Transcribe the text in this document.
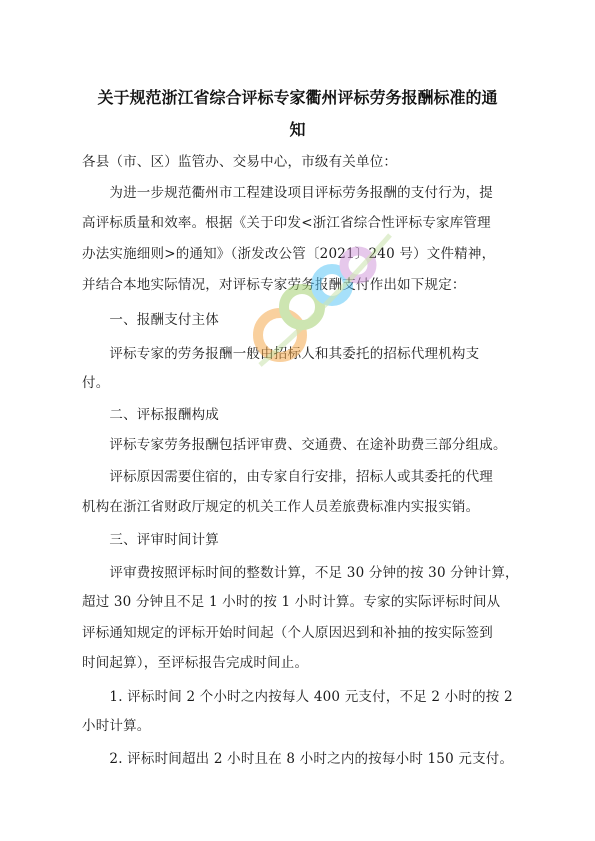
关于规范浙江省综合评标专家衢州评标劳务报酬标准的通
知
各县（市、区）监管办、交易中心，市级有关单位：
　　为进一步规范衢州市工程建设项目评标劳务报酬的支付行为，提
高评标质量和效率。根据《关于印发<浙江省综合性评标专家库管理
办法实施细则>的通知》（浙发改公管〔2021〕240 号）文件精神，
并结合本地实际情况，对评标专家劳务报酬支付作出如下规定：
　　一、报酬支付主体
　　评标专家的劳务报酬一般由招标人和其委托的招标代理机构支
付。
　　二、评标报酬构成
　　评标专家劳务报酬包括评审费、交通费、在途补助费三部分组成。
　　评标原因需要住宿的，由专家自行安排，招标人或其委托的代理
机构在浙江省财政厅规定的机关工作人员差旅费标准内实报实销。
　　三、评审时间计算
　　评审费按照评标时间的整数计算，不足 30 分钟的按 30 分钟计算，
超过 30 分钟且不足 1 小时的按 1 小时计算。专家的实际评标时间从
评标通知规定的评标开始时间起（个人原因迟到和补抽的按实际签到
时间起算），至评标报告完成时间止。
　　1. 评标时间 2 个小时之内按每人 400 元支付，不足 2 小时的按 2
小时计算。
　　2. 评标时间超出 2 小时且在 8 小时之内的按每小时 150 元支付。
